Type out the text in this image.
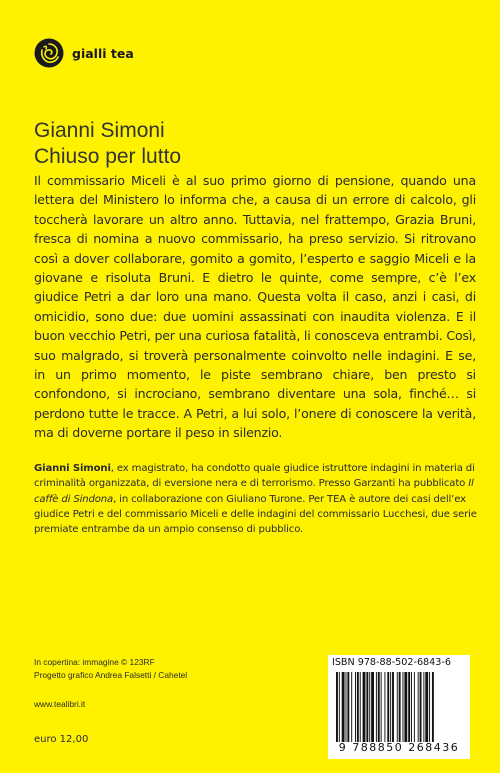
gialli tea
Gianni Simoni
Chiuso per lutto

Il commissario Miceli è al suo primo giorno di pensione, quando una lettera del Ministero lo informa che, a causa di un errore di calcolo, gli toccherà lavorare un altro anno. Tuttavia, nel frattempo, Grazia Bruni, fresca di nomina a nuovo commissario, ha preso servizio. Si ritrovano così a dover collaborare, gomito a gomito, l’esperto e saggio Miceli e la giovane e risoluta Bruni. E dietro le quinte, come sempre, c’è l’ex giudice Petri a dar loro una mano. Questa volta il caso, anzi i casi, di omicidio, sono due: due uomini assassinati con inaudita violenza. E il buon vecchio Petri, per una curiosa fatalità, li conosceva entrambi. Così, suo malgrado, si troverà personalmente coinvolto nelle indagini. E se, in un primo momento, le piste sembrano chiare, ben presto si confondono, si incrociano, sembrano diventare una sola, finché… si perdono tutte le tracce. A Petri, a lui solo, l’onere di conoscere la verità, ma di doverne portare il peso in silenzio.

Gianni Simoni, ex magistrato, ha condotto quale giudice istruttore indagini in materia di criminalità organizzata, di eversione nera e di terrorismo. Presso Garzanti ha pubblicato Il caffè di Sindona, in collaborazione con Giuliano Turone. Per TEA è autore dei casi dell’ex giudice Petri e del commissario Miceli e delle indagini del commissario Lucchesi, due serie premiate entrambe da un ampio consenso di pubblico.

In copertina: immagine © 123RF
Progetto grafico Andrea Falsetti / Cahetel
www.tealibri.it
euro 12,00
ISBN 978-88-502-6843-6
9 788850 268436
